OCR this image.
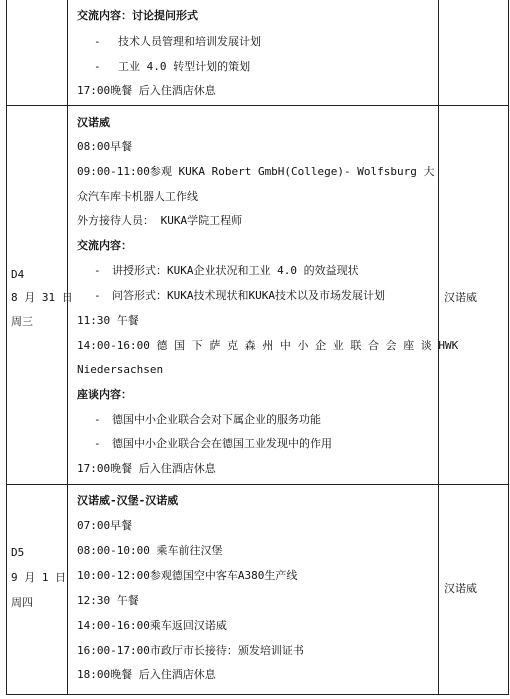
交流内容：讨论提问形式
- 技术人员管理和培训发展计划
- 工业 4.0 转型计划的策划
17:00晚餐 后入住酒店休息
D4
8 月 31 日
周三
汉诺威
汉诺威
08:00早餐
09:00-11:00参观 KUKA Robert GmbH(College)- Wolfsburg 大
众汽车库卡机器人工作线
外方接待人员： KUKA学院工程师
交流内容：
- 讲授形式：KUKA企业状况和工业 4.0 的效益现状
- 问答形式：KUKA技术现状和KUKA技术以及市场发展计划
11:30 午餐
14:00-16:00 德 国 下 萨 克 森 州 中 小 企 业 联 合 会 座 谈 HWK
Niedersachsen
座谈内容：
- 德国中小企业联合会对下属企业的服务功能
- 德国中小企业联合会在德国工业发现中的作用
17:00晚餐 后入住酒店休息
D5
9 月 1 日
周四
汉诺威
汉诺威-汉堡-汉诺威
07:00早餐
08:00-10:00 乘车前往汉堡
10:00-12:00参观德国空中客车A380生产线
12:30 午餐
14:00-16:00乘车返回汉诺威
16:00-17:00市政厅市长接待：颁发培训证书
18:00晚餐 后入住酒店休息
